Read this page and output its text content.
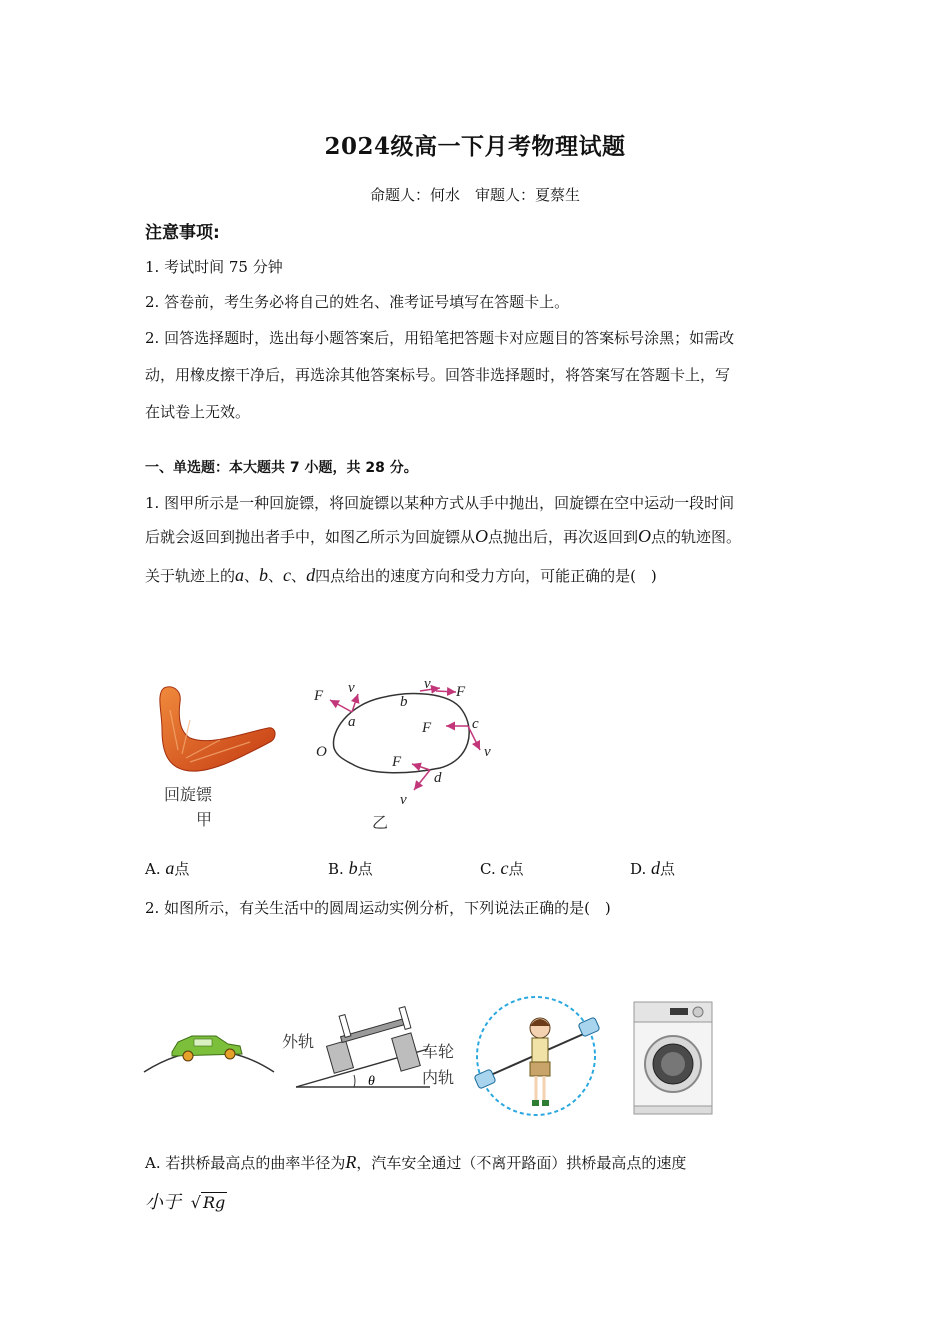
2024级高一下月考物理试题
命题人：何水　审题人：夏蔡生
注意事项:
1. 考试时间 75 分钟
2. 答卷前，考生务必将自己的姓名、准考证号填写在答题卡上。
2. 回答选择题时，选出每小题答案后，用铅笔把答题卡对应题目的答案标号涂黑；如需改
动，用橡皮擦干净后，再选涂其他答案标号。回答非选择题时，将答案写在答题卡上，写
在试卷上无效。
一、单选题：本大题共 7 小题，共 28 分。
1. 图甲所示是一种回旋镖，将回旋镖以某种方式从手中抛出，回旋镖在空中运动一段时间
后就会返回到抛出者手中，如图乙所示为回旋镖从O点抛出后，再次返回到O点的轨迹图。
关于轨迹上的a、b、c、d四点给出的速度方向和受力方向，可能正确的是(　)
回旋镖
甲
F v
a
b
v F
F	c
v
O
F
d
v
乙
A. a点	B. b点	C. c点	D. d点
2. 如图所示，有关生活中的圆周运动实例分析，下列说法正确的是(　)
θ
外轨
车轮
内轨
A. 若拱桥最高点的曲率半径为R，汽车安全通过（不离开路面）拱桥最高点的速度
小于 √ Rg
